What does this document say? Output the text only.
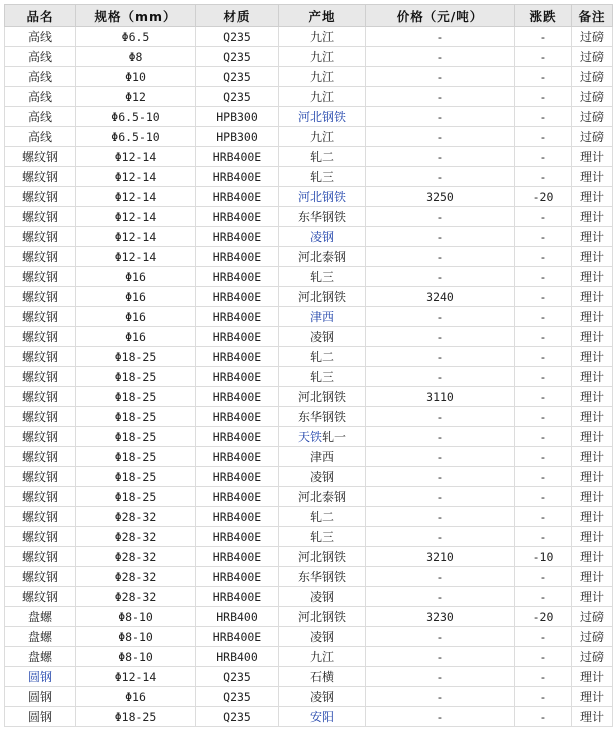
品名	规格（mm）	材质	产地	价格（元/吨）	涨跌	备注
高线	Φ6.5	Q235	九江	-	-	过磅
高线	Φ8	Q235	九江	-	-	过磅
高线	Φ10	Q235	九江	-	-	过磅
高线	Φ12	Q235	九江	-	-	过磅
高线	Φ6.5-10	HPB300	河北钢铁	-	-	过磅
高线	Φ6.5-10	HPB300	九江	-	-	过磅
螺纹钢	Φ12-14	HRB400E	轧二	-	-	理计
螺纹钢	Φ12-14	HRB400E	轧三	-	-	理计
螺纹钢	Φ12-14	HRB400E	河北钢铁	3250	-20	理计
螺纹钢	Φ12-14	HRB400E	东华钢铁	-	-	理计
螺纹钢	Φ12-14	HRB400E	凌钢	-	-	理计
螺纹钢	Φ12-14	HRB400E	河北泰钢	-	-	理计
螺纹钢	Φ16	HRB400E	轧三	-	-	理计
螺纹钢	Φ16	HRB400E	河北钢铁	3240	-	理计
螺纹钢	Φ16	HRB400E	津西	-	-	理计
螺纹钢	Φ16	HRB400E	凌钢	-	-	理计
螺纹钢	Φ18-25	HRB400E	轧二	-	-	理计
螺纹钢	Φ18-25	HRB400E	轧三	-	-	理计
螺纹钢	Φ18-25	HRB400E	河北钢铁	3110	-	理计
螺纹钢	Φ18-25	HRB400E	东华钢铁	-	-	理计
螺纹钢	Φ18-25	HRB400E	天铁轧一	-	-	理计
螺纹钢	Φ18-25	HRB400E	津西	-	-	理计
螺纹钢	Φ18-25	HRB400E	凌钢	-	-	理计
螺纹钢	Φ18-25	HRB400E	河北泰钢	-	-	理计
螺纹钢	Φ28-32	HRB400E	轧二	-	-	理计
螺纹钢	Φ28-32	HRB400E	轧三	-	-	理计
螺纹钢	Φ28-32	HRB400E	河北钢铁	3210	-10	理计
螺纹钢	Φ28-32	HRB400E	东华钢铁	-	-	理计
螺纹钢	Φ28-32	HRB400E	凌钢	-	-	理计
盘螺	Φ8-10	HRB400	河北钢铁	3230	-20	过磅
盘螺	Φ8-10	HRB400E	凌钢	-	-	过磅
盘螺	Φ8-10	HRB400	九江	-	-	过磅
圆钢	Φ12-14	Q235	石横	-	-	理计
圆钢	Φ16	Q235	凌钢	-	-	理计
圆钢	Φ18-25	Q235	安阳	-	-	理计
